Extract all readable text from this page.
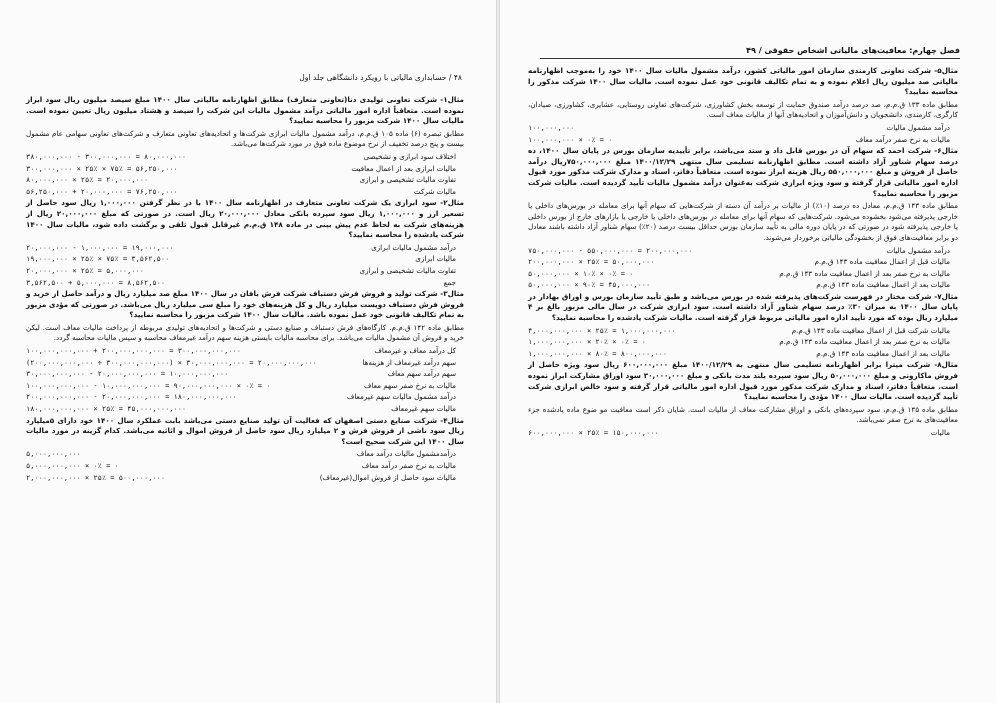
۴۸ / حسابداری مالیاتی با رویکرد دانشگاهی جلد اول

مثال۱- شرکت تعاونی تولیدی دنا(تعاونی متعارف) مطابق اظهارنامه مالیاتی سال ۱۴۰۰ مبلغ سیصد میلیون ریال سود ابراز نموده است. متعاقباً اداره امور مالیاتی درآمد مشمول مالیات این شرکت را سیصد و هشتاد میلیون ریال تعیین نموده است. مالیات سال ۱۴۰۰ شرکت مزبور را محاسبه نمایید؟

مطابق تبصره (۶) ماده ۱۰۵ ق.م.م، درآمد مشمول مالیات ابرازی شرکت‌ها و اتحادیه‌های تعاونی متعارف و شرکت‌های تعاونی سهامی عام مشمول بیست و پنج درصد تخفیف از نرخ موضوع ماده فوق در مورد شرکت‌ها می‌باشد.

اختلاف سود ابرازی و تشخیصی
۳۸۰,۰۰۰,۰۰۰ - ۳۰۰,۰۰۰,۰۰۰ = ۸۰,۰۰۰,۰۰۰
مالیات ابرازی بعد از اعمال معافیت
۳۰۰,۰۰۰,۰۰۰ × ۲۵٪ × ۷۵٪ = ۵۶,۲۵۰,۰۰۰
تفاوت مالیات تشخیصی و ابرازی
۸۰,۰۰۰,۰۰۰ × ۲۵٪ = ۲۰,۰۰۰,۰۰۰
مالیات شرکت
۵۶,۲۵۰,۰۰۰ + ۲۰,۰۰۰,۰۰۰ = ۷۶,۲۵۰,۰۰۰

مثال۲- سود ابرازی یک شرکت تعاونی متعارف در اظهارنامه سال ۱۴۰۰ با در نظر گرفتن ۱,۰۰۰,۰۰۰ ریال سود حاصل از تسعیر ارز و ۱,۰۰۰,۰۰۰ ریال سود سپرده بانکی معادل ۲۰,۰۰۰,۰۰۰ ریال است. در صورتی که مبلغ ۲۰,۰۰۰,۰۰۰ ریال از هزینه‌های شرکت به لحاظ عدم پیش بینی در ماده ۱۴۸ ق.م.م غیرقابل قبول تلقی و برگشت داده شود، مالیات سال ۱۴۰۰ شرکت یادشده را محاسبه نمایید؟

درآمد مشمول مالیات ابرازی
۲۰,۰۰۰,۰۰۰ - ۱,۰۰۰,۰۰۰ = ۱۹,۰۰۰,۰۰۰
مالیات ابرازی
۱۹,۰۰۰,۰۰۰ × ۲۵٪ × ۷۵٪ = ۳,۵۶۲,۵۰۰
تفاوت مالیات تشخیصی و ابرازی
۲۰,۰۰۰,۰۰۰ × ۲۵٪ = ۵,۰۰۰,۰۰۰
جمع
۳,۵۶۲,۵۰۰ + ۵,۰۰۰,۰۰۰ = ۸,۵۶۲,۵۰۰

مثال۳- شرکت تولید و فروش فرش دستباف شرکت فرش بافان در سال ۱۴۰۰ مبلغ صد میلیارد ریال و درآمد حاصل از خرید و فروش فرش دستباف دویست میلیارد ریال و کل هزینه‌های خود را مبلغ سی میلیارد ریال می‌باشد. در صورتی که مؤدی مزبور به تمام تکالیف قانونی خود عمل نموده باشد. مالیات سال ۱۴۰۰ شرکت مزبور را محاسبه نمایید؟

مطابق ماده ۱۴۲ ق.م.م. کارگاه‌های فرش دستباف و صنایع دستی و شرکت‌ها و اتحادیه‌های تولیدی مربوطه از پرداخت مالیات معاف است. لیکن خرید و فروش آن مشمول مالیات می‌باشد. برای محاسبه مالیات بایستی هزینه سهم درآمد غیرمعاف محاسبه و سپس مالیات محاسبه گردد.

کل درآمد معاف و غیرمعاف
۱۰۰,۰۰۰,۰۰۰,۰۰۰ + ۲۰۰,۰۰۰,۰۰۰,۰۰۰ = ۳۰۰,۰۰۰,۰۰۰,۰۰۰
سهم درآمد غیرمعاف از هزینه‌ها
(۲۰۰,۰۰۰,۰۰۰,۰۰۰ ÷ ۳۰۰,۰۰۰,۰۰۰,۰۰۰) × ۳۰,۰۰۰,۰۰۰,۰۰۰ = ۲۰,۰۰۰,۰۰۰,۰۰۰
سهم درآمد سهم معاف
۳۰,۰۰۰,۰۰۰,۰۰۰ - ۲۰,۰۰۰,۰۰۰,۰۰۰ = ۱۰,۰۰۰,۰۰۰,۰۰۰
مالیات به نرخ صفر سهم معاف
۱۰۰,۰۰۰,۰۰۰,۰۰۰ - ۱۰,۰۰۰,۰۰۰,۰۰۰ = ۹۰,۰۰۰,۰۰۰,۰۰۰ × ۰٪ = ۰
درآمد مشمول مالیات سهم غیرمعاف
۲۰۰,۰۰۰,۰۰۰,۰۰۰ - ۲۰,۰۰۰,۰۰۰,۰۰۰ = ۱۸۰,۰۰۰,۰۰۰,۰۰۰
مالیات سهم غیرمعاف
۱۸۰,۰۰۰,۰۰۰,۰۰۰ × ۲۵٪ = ۴۵,۰۰۰,۰۰۰,۰۰۰

مثال۴- شرکت صنایع دستی اصفهان که فعالیت آن تولید صنایع دستی می‌باشد بابت عملکرد سال ۱۴۰۰ خود دارای ۵میلیارد ریال سود ناشی از فروش فرش و ۲ میلیارد ریال سود حاصل از فروش اموال و اثاثیه می‌باشد. کدام گزینه در مورد مالیات سال ۱۴۰۰ این شرکت صحیح است؟

درآمدمشمول مالیات درآمد معاف
۵,۰۰۰,۰۰۰,۰۰۰
مالیات به نرخ صفر درآمد معاف
۵,۰۰۰,۰۰۰,۰۰۰ × ۰٪ = ۰
مالیات سود حاصل از فروش اموال(غیرمعاف)
۲,۰۰۰,۰۰۰,۰۰۰ × ۲۵٪ = ۵۰۰,۰۰۰,۰۰۰
فصل چهارم: معافیت‌های مالیاتی اشخاص حقوقی / ۴۹

مثال۵- شرکت تعاونی کارمندی سازمان امور مالیاتی کشور، درآمد مشمول مالیات سال ۱۴۰۰ خود را به‌موجب اظهارنامه مالیاتی صد میلیون ریال اعلام نموده و به تمام تکالیف قانونی خود عمل نموده است. مالیات سال ۱۴۰۰ شرکت مذکور را محاسبه نمایید؟

مطابق ماده ۱۳۳ ق.م.م، صد درصد درآمد صندوق حمایت از توسعه بخش کشاورزی، شرکت‌های تعاونی روستایی، عشایری، کشاورزی، صیادان، کارگری، کارمندی، دانشجویان و دانش‌آموزان و اتحادیه‌های آنها از مالیات معاف است.

درآمد مشمول مالیات
۱۰۰,۰۰۰,۰۰۰
مالیات به نرخ صفر درآمد معاف
۱۰۰,۰۰۰,۰۰۰ × ۰٪ = ۰

مثال۶- شرکت احمد که سهام آن در بورس قابل داد و ستد می‌باشد، برابر تأییدیه سازمان بورس در پایان سال ۱۴۰۰، ده درصد سهام شناور آزاد داشته است. مطابق اظهارنامه تسلیمی سال منتهی ۱۴۰۰/۱۲/۲۹ مبلغ ۷۵۰,۰۰۰,۰۰۰ریال درآمد حاصل از فروش و مبلغ ۵۵۰,۰۰۰,۰۰۰ ریال هزینه ابراز نموده است. متعاقباً دفاتر، اسناد و مدارک شرکت مذکور مورد قبول اداره امور مالیاتی قرار گرفته و سود ویژه ابرازی شرکت به‌عنوان درآمد مشمول مالیات تأیید گردیده است. مالیات شرکت مزبور را محاسبه نمایید؟

مطابق ماده ۱۴۳ ق.م.م، معادل ده درصد (۱۰٪) از مالیات بر درآمد آن دسته از شرکت‌هایی که سهام آنها برای معامله در بورس‌های داخلی یا خارجی پذیرفته می‌شود بخشوده می‌شود. شرکت‌هایی که سهام آنها برای معامله در بورس‌های داخلی یا خارجی یا بازارهای خارج از بورس داخلی یا خارجی پذیرفته شود در صورتی که در پایان دوره مالی به تأیید سازمان بورس حداقل بیست درصد (۲۰٪) سهام شناور آزاد داشته باشند معادل دو برابر معافیت‌های فوق از بخشودگی مالیاتی برخوردار می‌شوند.

درآمد مشمول مالیات
۷۵۰,۰۰۰,۰۰۰ - ۵۵۰,۰۰۰,۰۰۰ = ۲۰۰,۰۰۰,۰۰۰
مالیات قبل از اعمال معافیت ماده ۱۴۳ ق.م.م
۲۰۰,۰۰۰,۰۰۰ × ۲۵٪ = ۵۰,۰۰۰,۰۰۰
مالیات به نرخ صفر بعد از اعمال معافیت ماده ۱۴۳ ق.م.م
۵۰,۰۰۰,۰۰۰ × ۱۰٪ × ۰٪ = ۰
مالیات بعد از اعمال معافیت ماده ۱۴۳ ق.م.م
۵۰,۰۰۰,۰۰۰ × ۹۰٪ = ۴۵,۰۰۰,۰۰۰

مثال۷- شرکت مختار در فهرست شرکت‌های پذیرفته شده در بورس می‌باشد و طبق تأیید سازمان بورس و اوراق بهادار در پایان سال ۱۴۰۰ به میزان ۳۰٪ درصد سهام شناور آزاد داشته است. سود ابرازی شرکت در سال مالی مزبور بالغ بر ۴ میلیارد ریال بوده که مورد تأیید اداره امور مالیاتی مربوط قرار گرفته است. مالیات شرکت یادشده را محاسبه نمایید؟

مالیات شرکت قبل از اعمال معافیت ماده ۱۴۳ ق.م.م
۴,۰۰۰,۰۰۰,۰۰۰ × ۲۵٪ = ۱,۰۰۰,۰۰۰,۰۰۰
مالیات به نرخ صفر بعد از اعمال معافیت ماده ۱۴۳ ق.م.م
۱,۰۰۰,۰۰۰,۰۰۰ × ۲۰٪ × ۰٪ = ۰
مالیات بعد از اعمال معافیت ماده ۱۴۳ ق.م.م
۱,۰۰۰,۰۰۰,۰۰۰ × ۸۰٪ = ۸۰۰,۰۰۰,۰۰۰

مثال۸- شرکت میترا برابر اظهارنامه تسلیمی سال منتهی به ۱۴۰۰/۱۲/۲۹ مبلغ ۶۰۰,۰۰۰,۰۰۰ ریال سود ویژه حاصل از فروش ماکارونی و مبلغ ۵۰,۰۰۰,۰۰۰ ریال سود سپرده بلند مدت بانکی و مبلغ ۳۰,۰۰۰,۰۰۰ سود اوراق مشارکت ابراز نموده است. متعاقباً دفاتر، اسناد و مدارک شرکت مذکور مورد قبول اداره امور مالیاتی قرار گرفته و سود خالص ابرازی شرکت تأیید گردیده است. مالیات سال ۱۴۰۰ مؤدی را محاسبه نمایید؟

مطابق ماده ۱۴۵ ق.م.م، سود سپرده‌های بانکی و اوراق مشارکت معاف از مالیات است. شایان ذکر است معافیت مو ضوع ماده یادشده جزء معافیت‌های به نرخ صفر نمی‌باشد.

مالیات
۶۰۰,۰۰۰,۰۰۰ × ۲۵٪ = ۱۵۰,۰۰۰,۰۰۰
